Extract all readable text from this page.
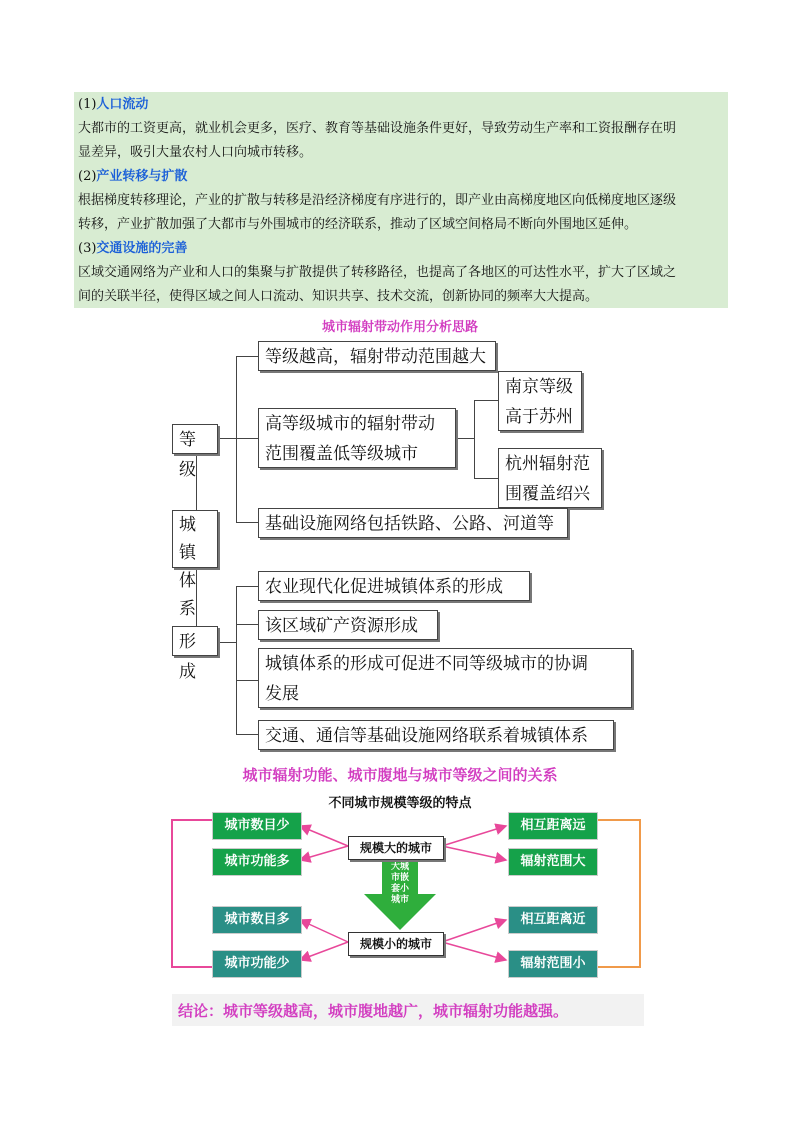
(1)人口流动
大都市的工资更高，就业机会更多，医疗、教育等基础设施条件更好，导致劳动生产率和工资报酬存在明
显差异，吸引大量农村人口向城市转移。
(2)产业转移与扩散
根据梯度转移理论，产业的扩散与转移是沿经济梯度有序进行的，即产业由高梯度地区向低梯度地区逐级
转移，产业扩散加强了大都市与外围城市的经济联系，推动了区域空间格局不断向外围地区延伸。
(3)交通设施的完善
区域交通网络为产业和人口的集聚与扩散提供了转移路径，也提高了各地区的可达性水平，扩大了区域之
间的关联半径，使得区域之间人口流动、知识共享、技术交流，创新协同的频率大大提高。
城市辐射带动作用分析思路
等级
城镇
体系
形成
等级越高，辐射带动范围越大
高等级城市的辐射带动
范围覆盖低等级城市
南京等级
高于苏州
杭州辐射范
围覆盖绍兴
基础设施网络包括铁路、公路、河道等
农业现代化促进城镇体系的形成
该区域矿产资源形成
城镇体系的形成可促进不同等级城市的协调
发展
交通、通信等基础设施网络联系着城镇体系
城市辐射功能、城市腹地与城市等级之间的关系
不同城市规模等级的特点
大城
市嵌
套小
城市
规模大的城市
规模小的城市
城市数目少
城市功能多
相互距离远
辐射范围大
城市数目多
城市功能少
相互距离近
辐射范围小
结论：城市等级越高，城市腹地越广，城市辐射功能越强。
